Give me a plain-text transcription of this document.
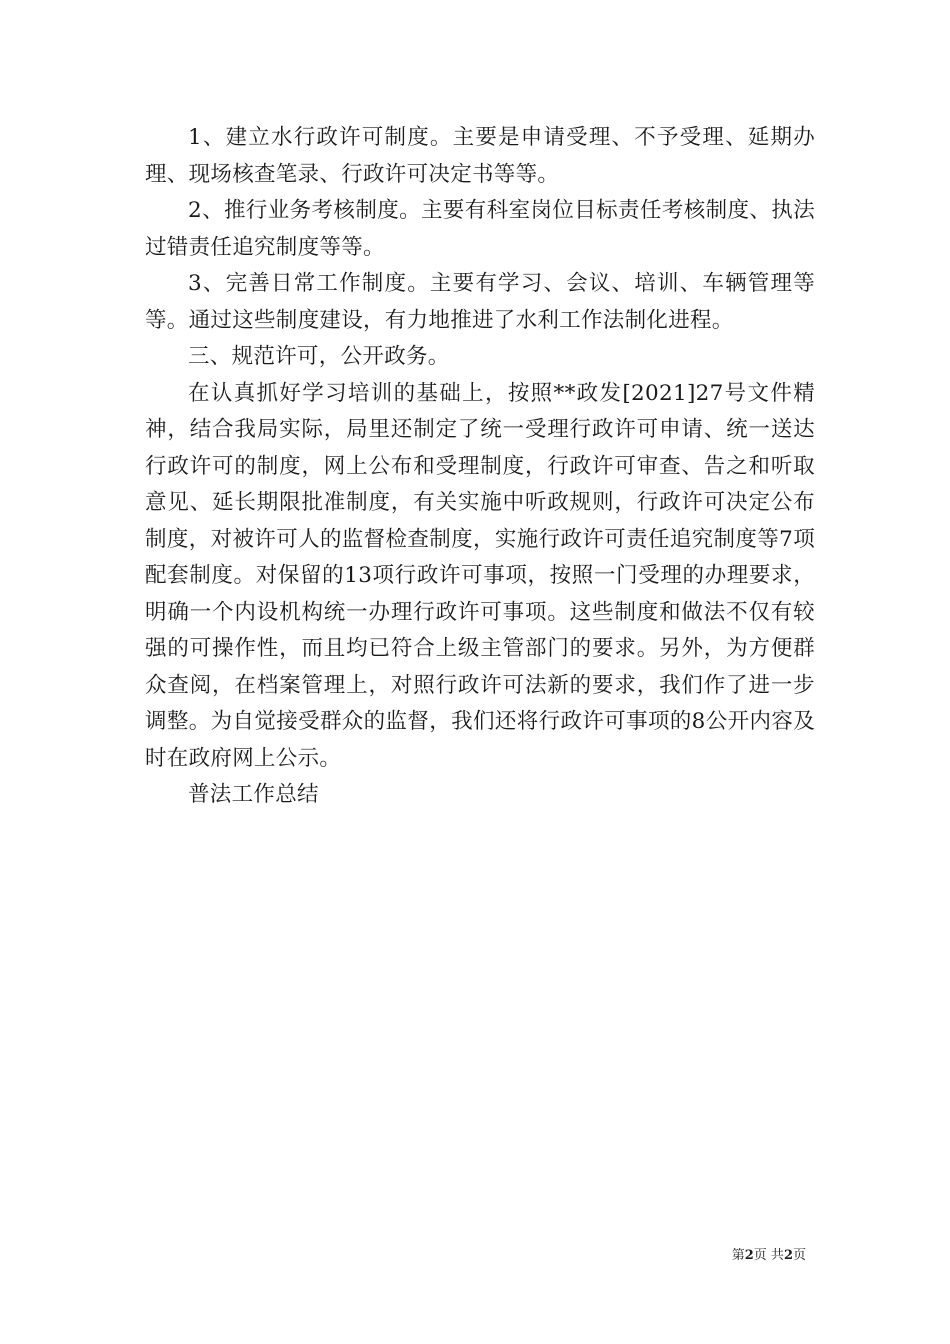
1、建立水行政许可制度。主要是申请受理、不予受理、延期办理、现场核查笔录、行政许可决定书等等。

2、推行业务考核制度。主要有科室岗位目标责任考核制度、执法过错责任追究制度等等。

3、完善日常工作制度。主要有学习、会议、培训、车辆管理等等。通过这些制度建设，有力地推进了水利工作法制化进程。

三、规范许可，公开政务。

在认真抓好学习培训的基础上，按照**政发[2021]27号文件精神，结合我局实际，局里还制定了统一受理行政许可申请、统一送达行政许可的制度，网上公布和受理制度，行政许可审查、告之和听取意见、延长期限批准制度，有关实施中听政规则，行政许可决定公布制度，对被许可人的监督检查制度，实施行政许可责任追究制度等7项配套制度。对保留的13项行政许可事项，按照一门受理的办理要求，明确一个内设机构统一办理行政许可事项。这些制度和做法不仅有较强的可操作性，而且均已符合上级主管部门的要求。另外，为方便群众查阅，在档案管理上，对照行政许可法新的要求，我们作了进一步调整。为自觉接受群众的监督，我们还将行政许可事项的8公开内容及时在政府网上公示。

普法工作总结

第2页 共2页
